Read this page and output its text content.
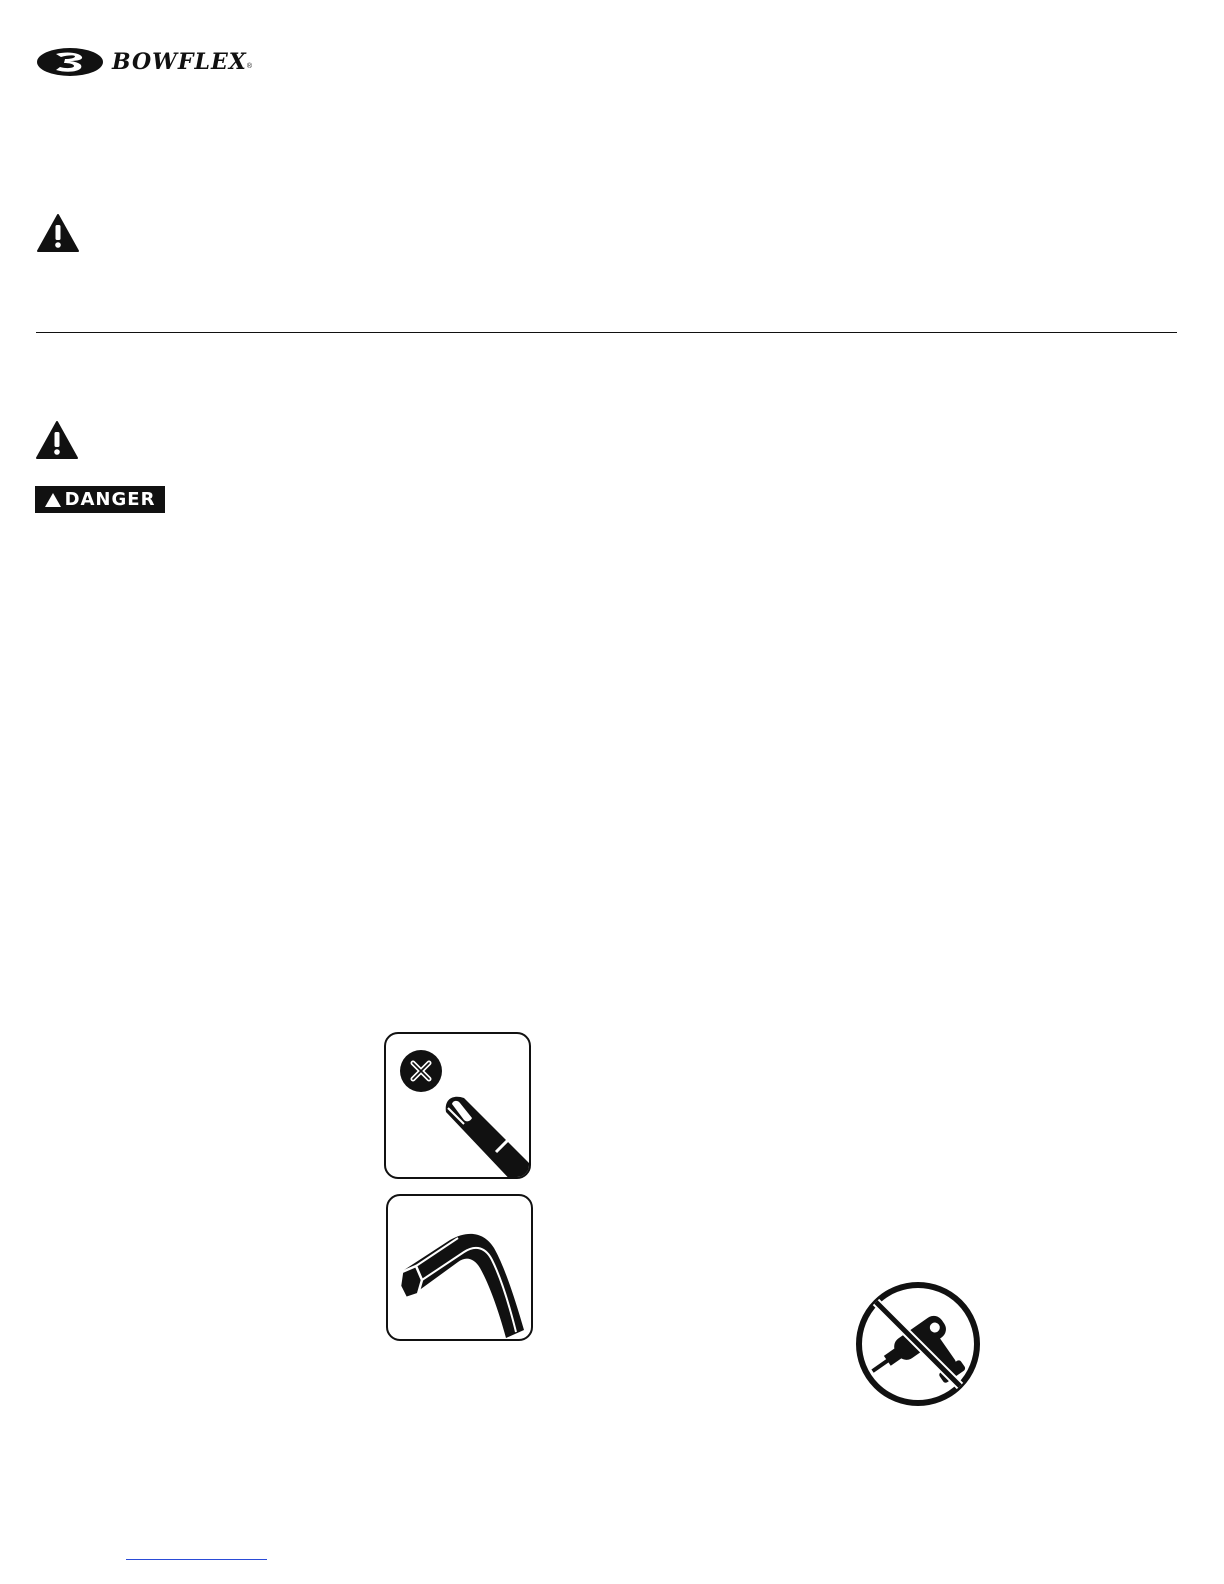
BOWFLEX ®
DANGER
